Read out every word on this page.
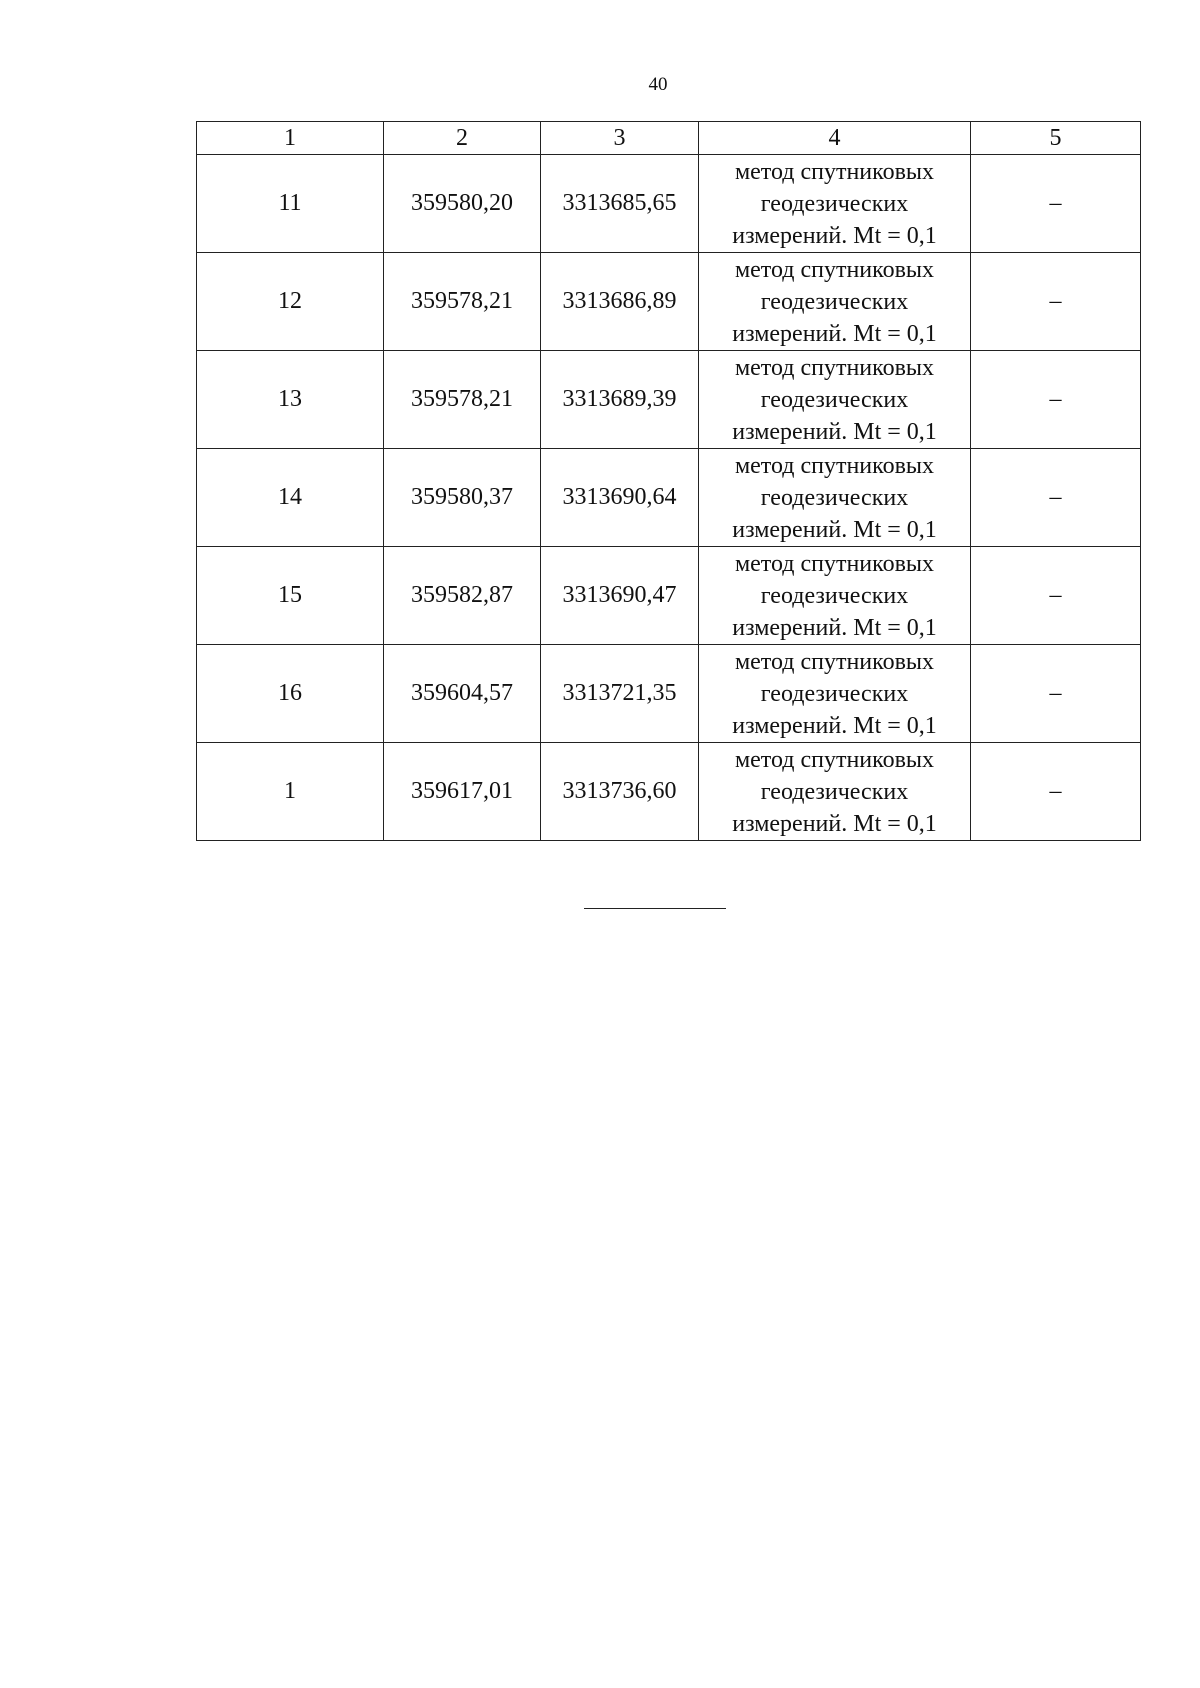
40
1	2	3	4	5
11	359580,20	3313685,65	метод спутниковых
геодезических
измерений. Mt = 0,1	–
12	359578,21	3313686,89	метод спутниковых
геодезических
измерений. Mt = 0,1	–
13	359578,21	3313689,39	метод спутниковых
геодезических
измерений. Mt = 0,1	–
14	359580,37	3313690,64	метод спутниковых
геодезических
измерений. Mt = 0,1	–
15	359582,87	3313690,47	метод спутниковых
геодезических
измерений. Mt = 0,1	–
16	359604,57	3313721,35	метод спутниковых
геодезических
измерений. Mt = 0,1	–
1	359617,01	3313736,60	метод спутниковых
геодезических
измерений. Mt = 0,1	–
